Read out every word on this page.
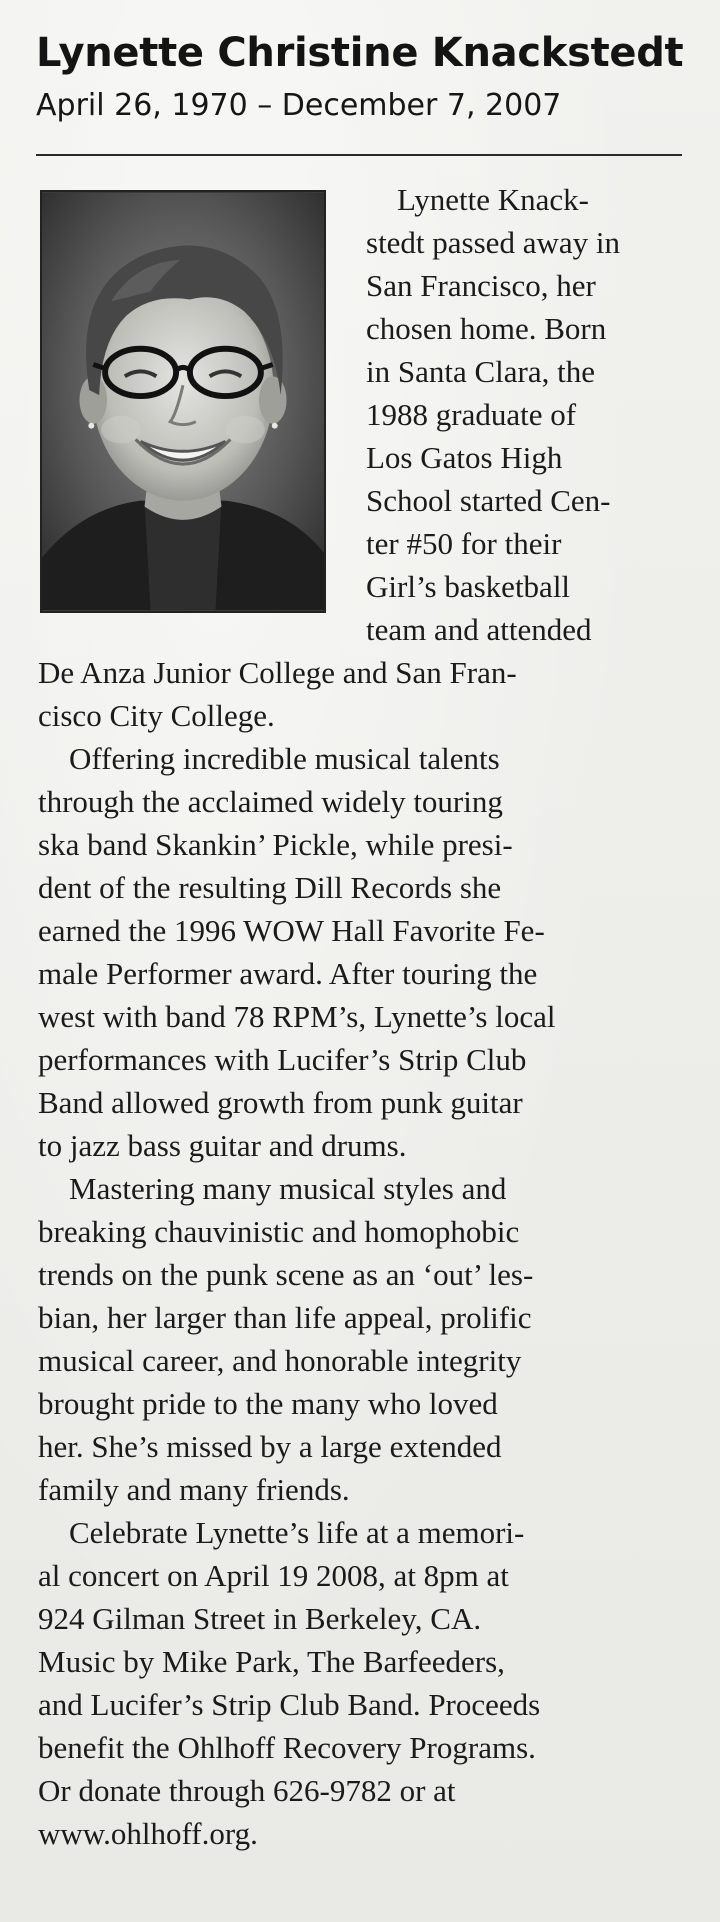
Lynette Christine Knackstedt
April 26, 1970 – December 7, 2007
Lynette Knack-
stedt passed away in
San Francisco, her
chosen home. Born
in Santa Clara, the
1988 graduate of
Los Gatos High
School started Cen-
ter #50 for their
Girl’s basketball
team and attended
De Anza Junior College and San Fran-
cisco City College.
Offering incredible musical talents
through the acclaimed widely touring
ska band Skankin’ Pickle, while presi-
dent of the resulting Dill Records she
earned the 1996 WOW Hall Favorite Fe-
male Performer award. After touring the
west with band 78 RPM’s, Lynette’s local
performances with Lucifer’s Strip Club
Band allowed growth from punk guitar
to jazz bass guitar and drums.
Mastering many musical styles and
breaking chauvinistic and homophobic
trends on the punk scene as an ‘out’ les-
bian, her larger than life appeal, prolific
musical career, and honorable integrity
brought pride to the many who loved
her. She’s missed by a large extended
family and many friends.
Celebrate Lynette’s life at a memori-
al concert on April 19 2008, at 8pm at
924 Gilman Street in Berkeley, CA.
Music by Mike Park, The Barfeeders,
and Lucifer’s Strip Club Band. Proceeds
benefit the Ohlhoff Recovery Programs.
Or donate through 626-9782 or at
www.ohlhoff.org.
